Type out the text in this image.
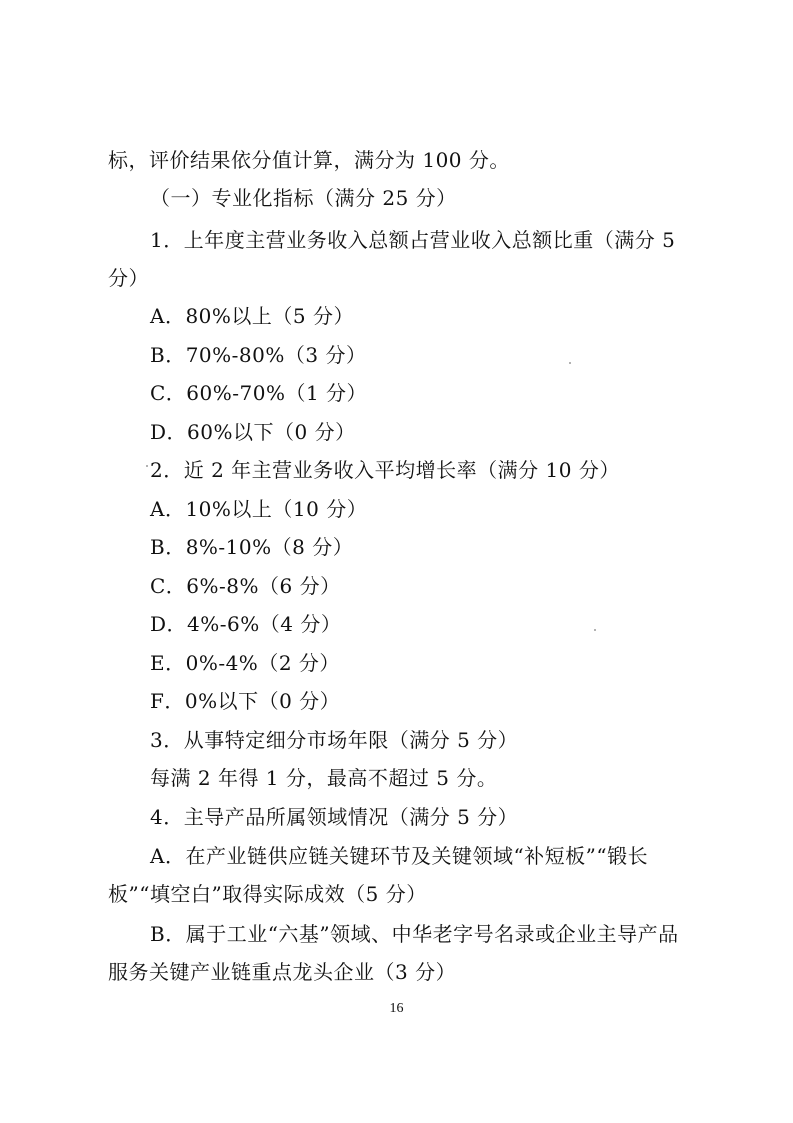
标，评价结果依分值计算，满分为 100 分。
（一）专业化指标（满分 25 分）
1．上年度主营业务收入总额占营业收入总额比重（满分 5
分）
A．80%以上（5 分）
B．70%-80%（3 分）
C．60%-70%（1 分）
D．60%以下（0 分）
2．近 2 年主营业务收入平均增长率（满分 10 分）
A．10%以上（10 分）
B．8%-10%（8 分）
C．6%-8%（6 分）
D．4%-6%（4 分）
E．0%-4%（2 分）
F．0%以下（0 分）
3．从事特定细分市场年限（满分 5 分）
每满 2 年得 1 分，最高不超过 5 分。
4．主导产品所属领域情况（满分 5 分）
A．在产业链供应链关键环节及关键领域“补短板”“锻长
板”“填空白”取得实际成效（5 分）
B．属于工业“六基”领域、中华老字号名录或企业主导产品
服务关键产业链重点龙头企业（3 分）
16
